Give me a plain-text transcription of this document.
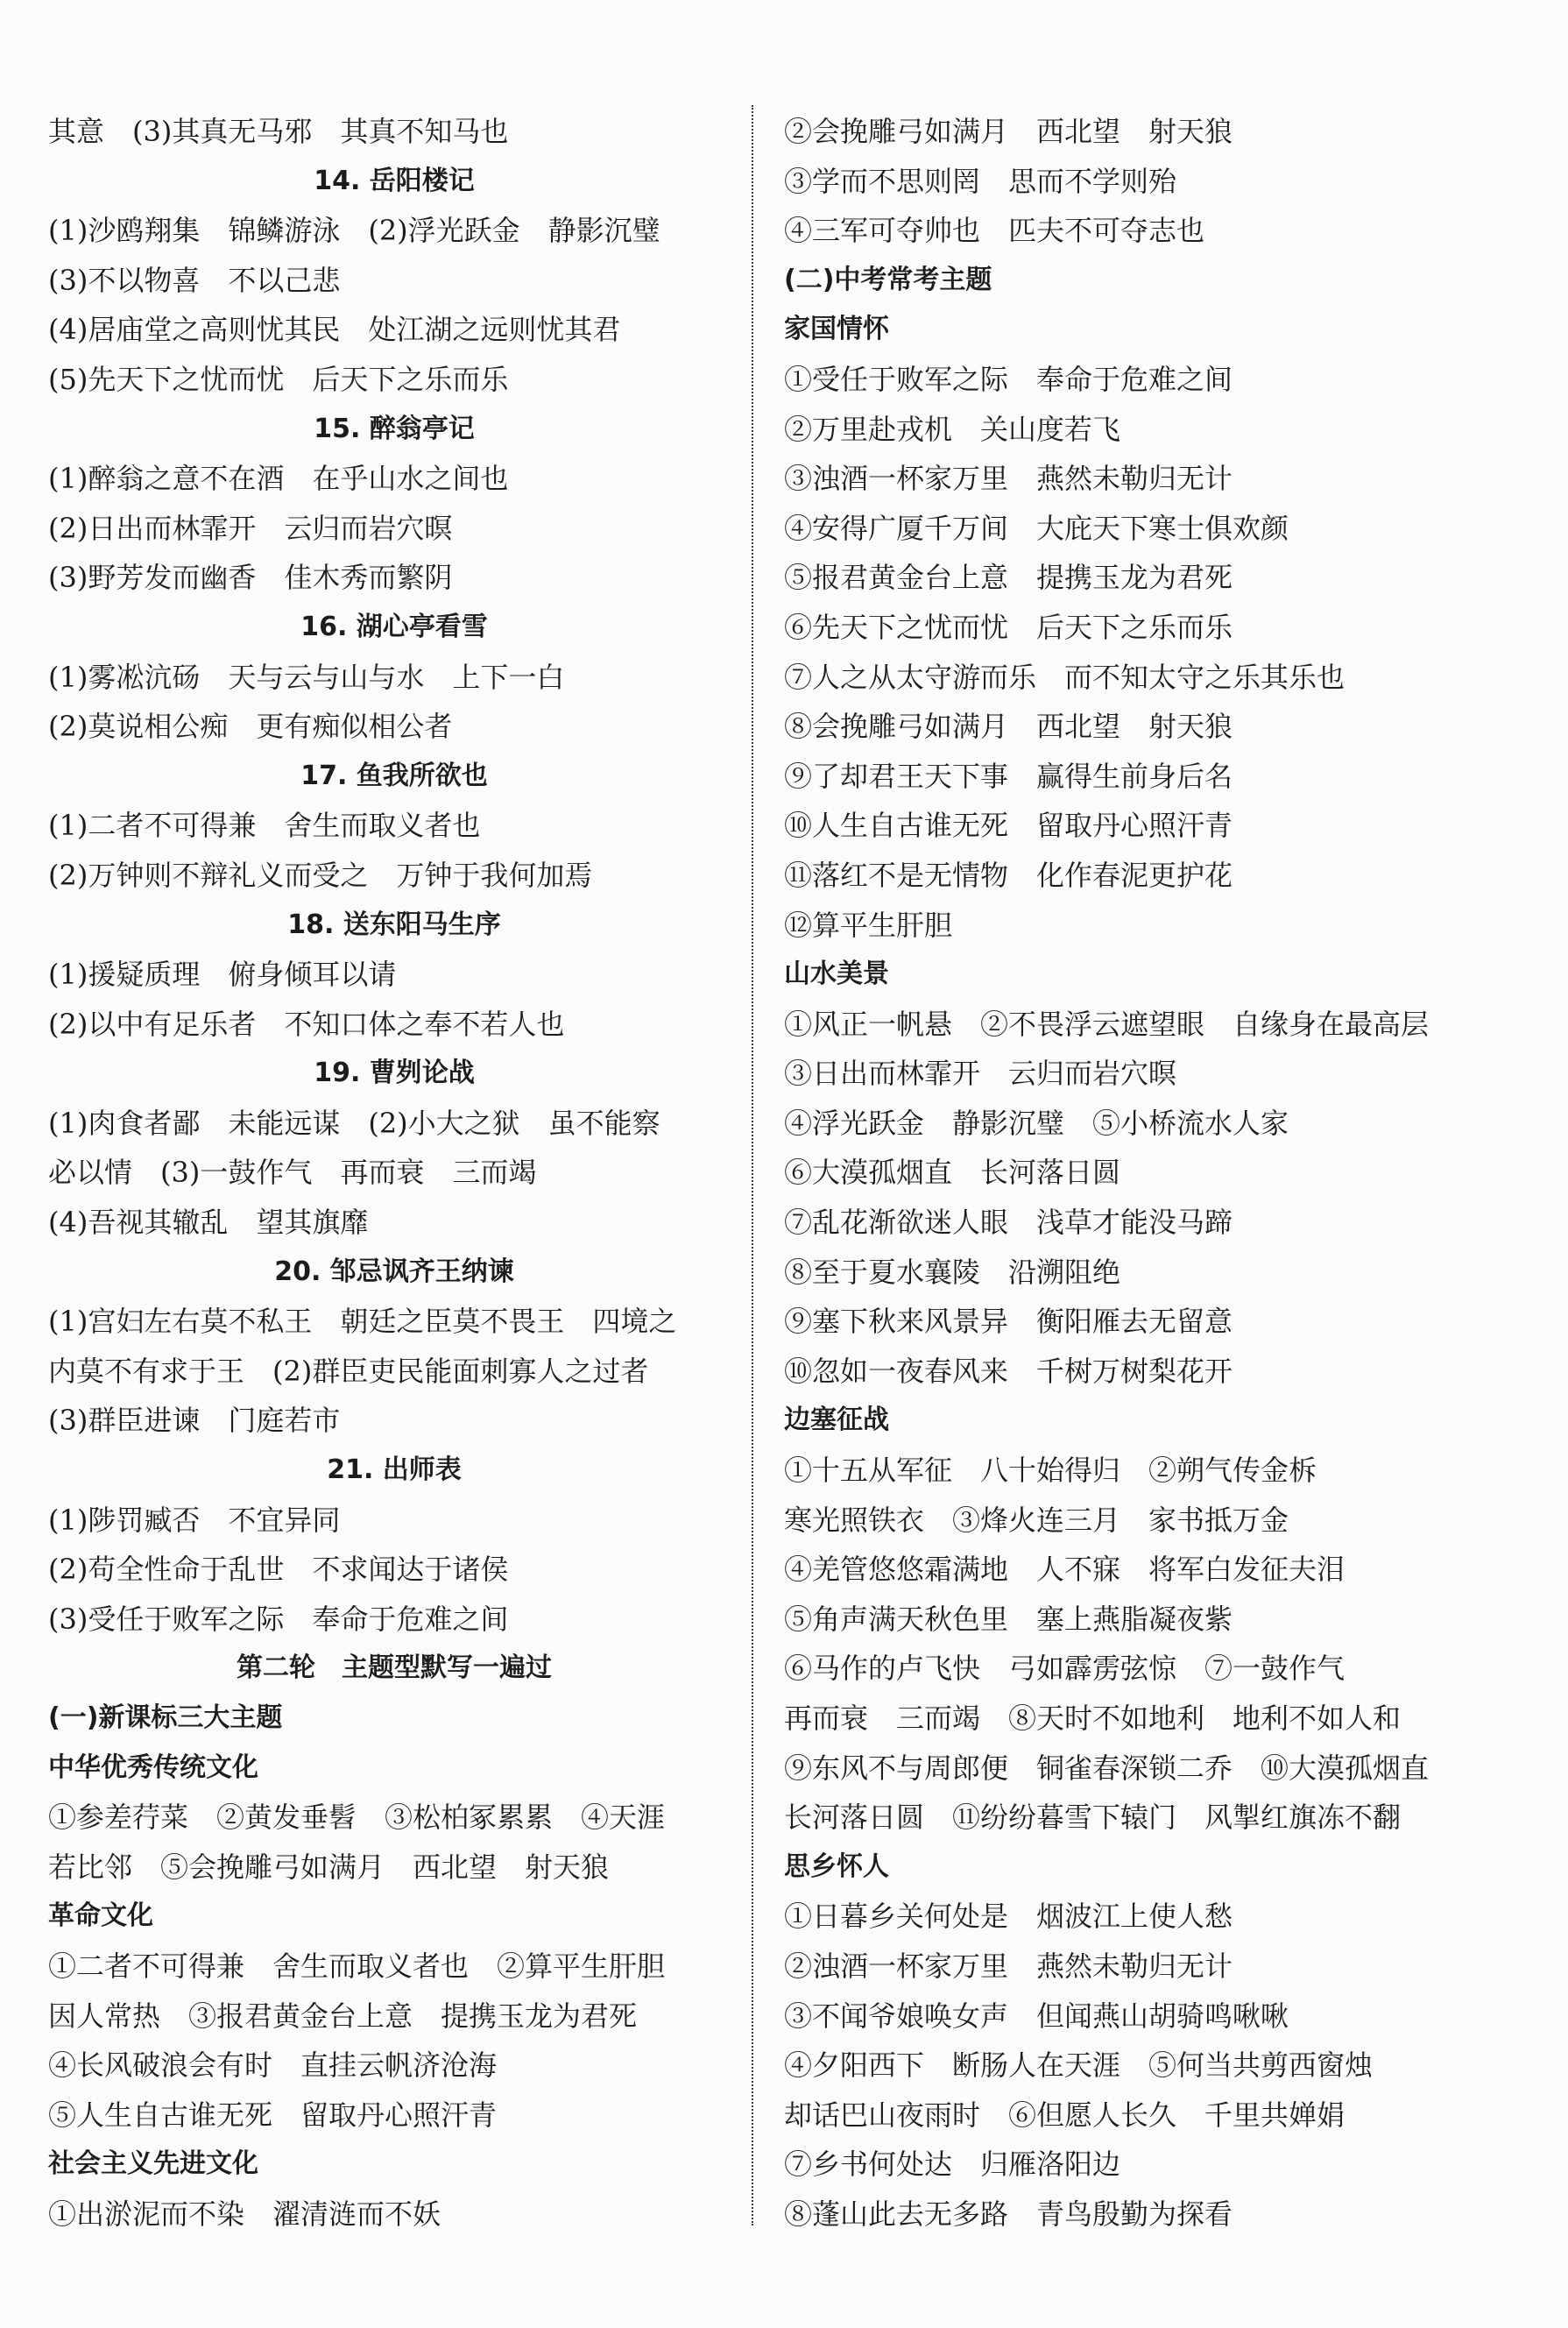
其意　(3)其真无马邪　其真不知马也
14. 岳阳楼记
(1)沙鸥翔集　锦鳞游泳　(2)浮光跃金　静影沉璧
(3)不以物喜　不以己悲
(4)居庙堂之高则忧其民　处江湖之远则忧其君
(5)先天下之忧而忧　后天下之乐而乐
15. 醉翁亭记
(1)醉翁之意不在酒　在乎山水之间也
(2)日出而林霏开　云归而岩穴暝
(3)野芳发而幽香　佳木秀而繁阴
16. 湖心亭看雪
(1)雾凇沆砀　天与云与山与水　上下一白
(2)莫说相公痴　更有痴似相公者
17. 鱼我所欲也
(1)二者不可得兼　舍生而取义者也
(2)万钟则不辩礼义而受之　万钟于我何加焉
18. 送东阳马生序
(1)援疑质理　俯身倾耳以请
(2)以中有足乐者　不知口体之奉不若人也
19. 曹刿论战
(1)肉食者鄙　未能远谋　(2)小大之狱　虽不能察
必以情　(3)一鼓作气　再而衰　三而竭
(4)吾视其辙乱　望其旗靡
20. 邹忌讽齐王纳谏
(1)宫妇左右莫不私王　朝廷之臣莫不畏王　四境之
内莫不有求于王　(2)群臣吏民能面刺寡人之过者
(3)群臣进谏　门庭若市
21. 出师表
(1)陟罚臧否　不宜异同
(2)苟全性命于乱世　不求闻达于诸侯
(3)受任于败军之际　奉命于危难之间
第二轮　主题型默写一遍过
(一)新课标三大主题
中华优秀传统文化
①参差荇菜　②黄发垂髫　③松柏冢累累　④天涯
若比邻　⑤会挽雕弓如满月　西北望　射天狼
革命文化
①二者不可得兼　舍生而取义者也　②算平生肝胆
因人常热　③报君黄金台上意　提携玉龙为君死
④长风破浪会有时　直挂云帆济沧海
⑤人生自古谁无死　留取丹心照汗青
社会主义先进文化
①出淤泥而不染　濯清涟而不妖
②会挽雕弓如满月　西北望　射天狼
③学而不思则罔　思而不学则殆
④三军可夺帅也　匹夫不可夺志也
(二)中考常考主题
家国情怀
①受任于败军之际　奉命于危难之间
②万里赴戎机　关山度若飞
③浊酒一杯家万里　燕然未勒归无计
④安得广厦千万间　大庇天下寒士俱欢颜
⑤报君黄金台上意　提携玉龙为君死
⑥先天下之忧而忧　后天下之乐而乐
⑦人之从太守游而乐　而不知太守之乐其乐也
⑧会挽雕弓如满月　西北望　射天狼
⑨了却君王天下事　赢得生前身后名
⑩人生自古谁无死　留取丹心照汗青
⑪落红不是无情物　化作春泥更护花
⑫算平生肝胆
山水美景
①风正一帆悬　②不畏浮云遮望眼　自缘身在最高层
③日出而林霏开　云归而岩穴暝
④浮光跃金　静影沉璧　⑤小桥流水人家
⑥大漠孤烟直　长河落日圆
⑦乱花渐欲迷人眼　浅草才能没马蹄
⑧至于夏水襄陵　沿溯阻绝
⑨塞下秋来风景异　衡阳雁去无留意
⑩忽如一夜春风来　千树万树梨花开
边塞征战
①十五从军征　八十始得归　②朔气传金柝
寒光照铁衣　③烽火连三月　家书抵万金
④羌管悠悠霜满地　人不寐　将军白发征夫泪
⑤角声满天秋色里　塞上燕脂凝夜紫
⑥马作的卢飞快　弓如霹雳弦惊　⑦一鼓作气
再而衰　三而竭　⑧天时不如地利　地利不如人和
⑨东风不与周郎便　铜雀春深锁二乔　⑩大漠孤烟直
长河落日圆　⑪纷纷暮雪下辕门　风掣红旗冻不翻
思乡怀人
①日暮乡关何处是　烟波江上使人愁
②浊酒一杯家万里　燕然未勒归无计
③不闻爷娘唤女声　但闻燕山胡骑鸣啾啾
④夕阳西下　断肠人在天涯　⑤何当共剪西窗烛
却话巴山夜雨时　⑥但愿人长久　千里共婵娟
⑦乡书何处达　归雁洛阳边
⑧蓬山此去无多路　青鸟殷勤为探看
